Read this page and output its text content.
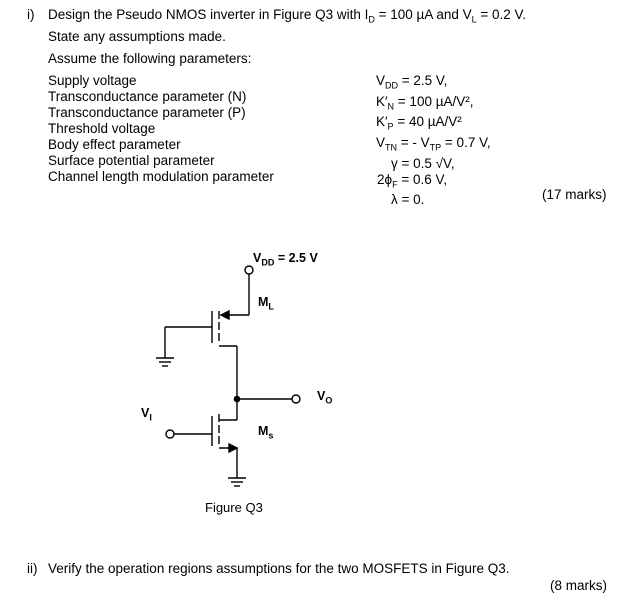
i) Design the Pseudo NMOS inverter in Figure Q3 with $I_D = 100$ µA and $V_L = 0.2$ V.
State any assumptions made.
Assume the following parameters:
Supply voltage
Transconductance parameter (N)
Transconductance parameter (P)
Threshold voltage
Body effect parameter
Surface potential parameter
Channel length modulation parameter
$V_{DD} = 2.5$ V,
$K'_N = 100$ µA/V²,
$K'_P = 40$ µA/V²
$V_{TN}$ = - $V_{TP} = 0.7$ V,
γ = 0.5 √V,
$2\phi_F = 0.6$ V,
λ = 0.	(17 marks)
$V_{DD} = 2.5$ V
$M_L$
$V_O$
$V_I$
$M_s$
Figure Q3
ii) Verify the operation regions assumptions for the two MOSFETS in Figure Q3.
(8 marks)
